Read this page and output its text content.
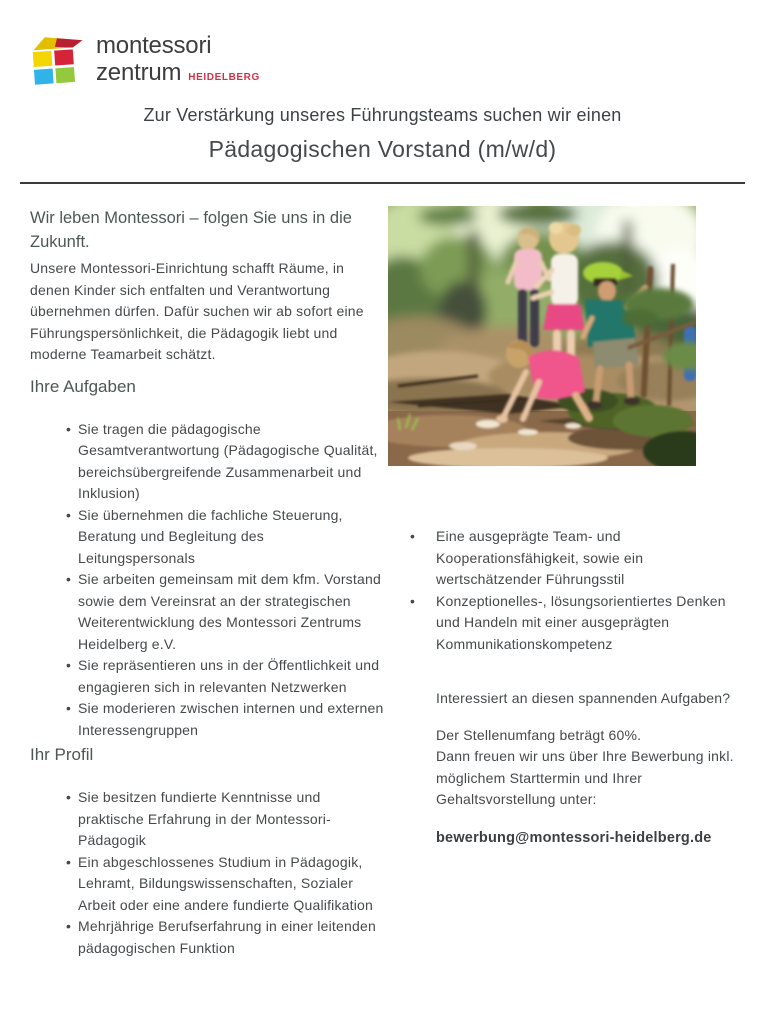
montessori
zentrum HEIDELBERG
Zur Verstärkung unseres Führungsteams suchen wir einen
Pädagogischen Vorstand (m/w/d)
Wir leben Montessori – folgen Sie uns in die Zukunft.

Unsere Montessori-Einrichtung schafft Räume, in denen Kinder sich entfalten und Verantwortung übernehmen dürfen. Dafür suchen wir ab sofort eine Führungspersönlichkeit, die Pädagogik liebt und moderne Teamarbeit schätzt.

Ihre Aufgaben
• Sie tragen die pädagogische Gesamtverantwortung (Pädagogische Qualität, bereichsübergreifende Zusammenarbeit und Inklusion)
• Sie übernehmen die fachliche Steuerung, Beratung und Begleitung des Leitungspersonals
• Sie arbeiten gemeinsam mit dem kfm. Vorstand sowie dem Vereinsrat an der strategischen Weiterentwicklung des Montessori Zentrums Heidelberg e.V.
• Sie repräsentieren uns in der Öffentlichkeit und engagieren sich in relevanten Netzwerken
• Sie moderieren zwischen internen und externen Interessengruppen
Ihr Profil
• Sie besitzen fundierte Kenntnisse und praktische Erfahrung in der Montessori-Pädagogik
• Ein abgeschlossenes Studium in Pädagogik, Lehramt, Bildungswissenschaften, Sozialer Arbeit oder eine andere fundierte Qualifikation
• Mehrjährige Berufserfahrung in einer leitenden pädagogischen Funktion
• Eine ausgeprägte Team- und Kooperationsfähigkeit, sowie ein wertschätzender Führungsstil
• Konzeptionelles-, lösungsorientiertes Denken und Handeln mit einer ausgeprägten Kommunikationskompetenz

Interessiert an diesen spannenden Aufgaben?

Der Stellenumfang beträgt 60%.
Dann freuen wir uns über Ihre Bewerbung inkl. möglichem Starttermin und Ihrer Gehaltsvorstellung unter:

bewerbung@montessori-heidelberg.de
